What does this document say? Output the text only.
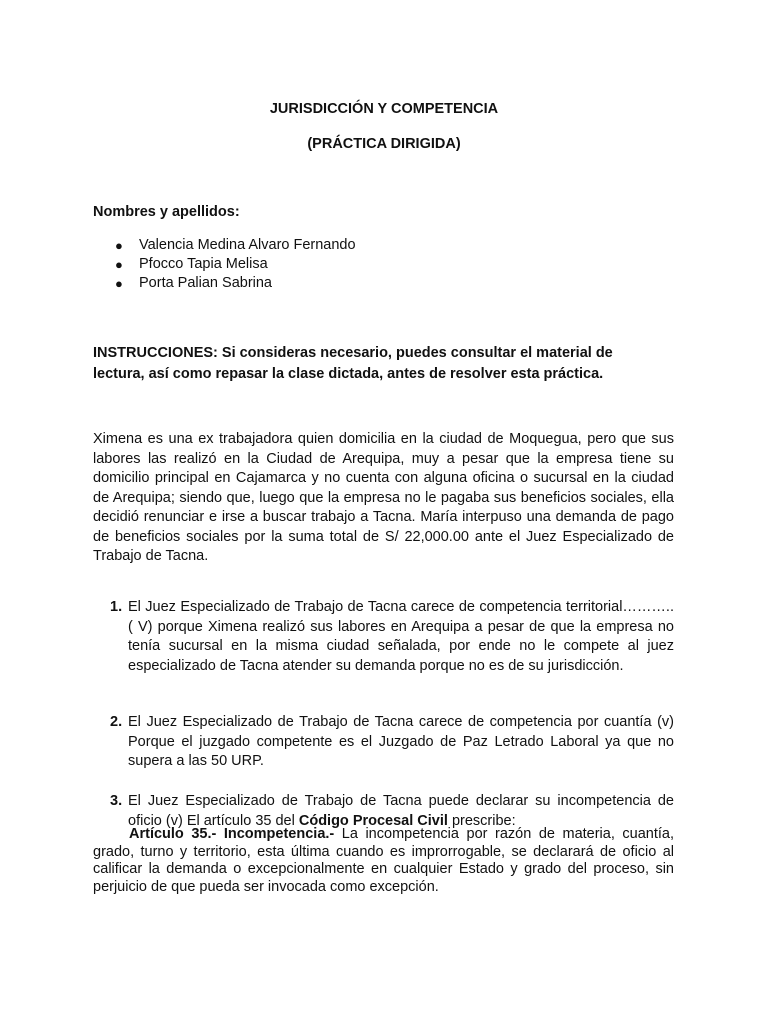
JURISDICCIÓN Y COMPETENCIA
(PRÁCTICA DIRIGIDA)
Nombres y apellidos:
● Valencia Medina Alvaro Fernando
● Pfocco Tapia Melisa
● Porta Palian Sabrina
INSTRUCCIONES: Si consideras necesario, puedes consultar el material de lectura, así como repasar la clase dictada, antes de resolver esta práctica.
Ximena es una ex trabajadora quien domicilia en la ciudad de Moquegua, pero que sus labores las realizó en la Ciudad de Arequipa, muy a pesar que la empresa tiene su domicilio principal en Cajamarca y no cuenta con alguna oficina o sucursal en la ciudad de Arequipa; siendo que, luego que la empresa no le pagaba sus beneficios sociales, ella decidió renunciar e irse a buscar trabajo a Tacna. María interpuso una demanda de pago de beneficios sociales por la suma total de S/ 22,000.00 ante el Juez Especializado de Trabajo de Tacna.
1. El Juez Especializado de Trabajo de Tacna carece de competencia territorial……….. ( V) porque Ximena realizó sus labores en Arequipa a pesar de que la empresa no tenía sucursal en la misma ciudad señalada, por ende no le compete al juez especializado de Tacna atender su demanda porque no es de su jurisdicción.
2. El Juez Especializado de Trabajo de Tacna carece de competencia por cuantía (v) Porque el juzgado competente es el Juzgado de Paz Letrado Laboral ya que no supera a las 50 URP.
3. El Juez Especializado de Trabajo de Tacna puede declarar su incompetencia de oficio (v) El artículo 35 del Código Procesal Civil prescribe:
Artículo 35.- Incompetencia.- La incompetencia por razón de materia, cuantía, grado, turno y territorio, esta última cuando es improrrogable, se declarará de oficio al calificar la demanda o excepcionalmente en cualquier Estado y grado del proceso, sin perjuicio de que pueda ser invocada como excepción.
